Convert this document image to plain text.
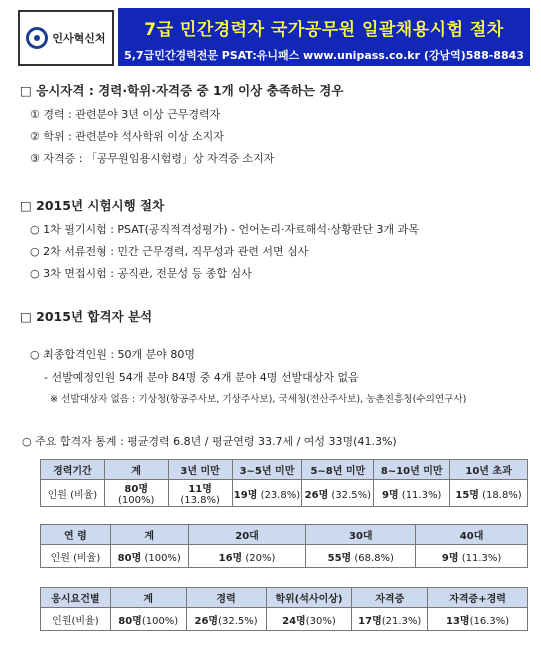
인사혁신처	7급 민간경력자 국가공무원 일괄채용시험 절차
5,7급민간경력전문 PSAT:유니패스 www.unipass.co.kr (강남역)588-8843
□ 응시자격 : 경력·학위·자격증 중 1개 이상 충족하는 경우
① 경력 : 관련분야 3년 이상 근무경력자
② 학위 : 관련분야 석사학위 이상 소지자
③ 자격증 : 「공무원임용시험령」상 자격증 소지자
□ 2015년 시험시행 절차
○ 1차 필기시험 : PSAT(공직적격성평가) - 언어논리·자료해석·상황판단 3개 과목
○ 2차 서류전형 : 민간 근무경력, 직무성과 관련 서면 심사
○ 3차 면접시험 : 공직관, 전문성 등 종합 심사
□ 2015년 합격자 분석
○ 최종합격인원 : 50개 분야 80명
- 선발예정인원 54개 분야 84명 중 4개 분야 4명 선발대상자 없음
※ 선발대상자 없음 : 기상청(항공주사보, 기상주사보), 국세청(전산주사보), 농촌진흥청(수의연구사)
○ 주요 합격자 통계 : 평균경력 6.8년 / 평균연령 33.7세 / 여성 33명(41.3%)
경력기간	계	3년 미만	3~5년 미만	5~8년 미만	8~10년 미만	10년 초과
인원 (비율)	80명 (100%)	11명 (13.8%)	19명 (23.8%)	26명 (32.5%)	9명 (11.3%)	15명 (18.8%)
연 령	계	20대	30대	40대
인원 (비율)	80명 (100%)	16명 (20%)	55명 (68.8%)	9명 (11.3%)
응시요건별	계	경력	학위(석사이상)	자격증	자격증+경력
인원(비율)	80명(100%)	26명(32.5%)	24명(30%)	17명(21.3%)	13명(16.3%)
